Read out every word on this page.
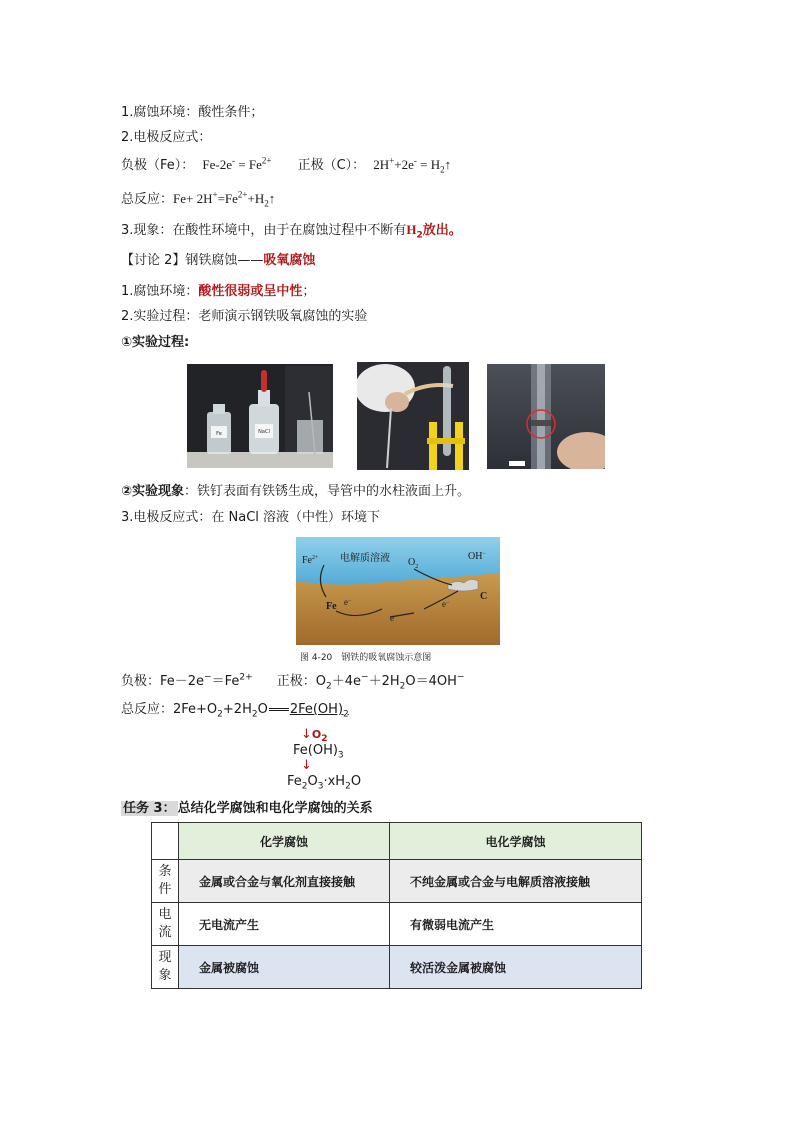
1.腐蚀环境：酸性条件；
2.电极反应式：
负极（Fe）： $Fe-2e^- = Fe^{2+}$ 正极（C）： $2H^++2e^- = H_2↑$
总反应：$Fe+ 2H^+=Fe^{2+}+H_2↑$
3.现象：在酸性环境中，由于在腐蚀过程中不断有$H_2$放出。
【讨论 2】钢铁腐蚀——吸氧腐蚀
1.腐蚀环境：酸性很弱或呈中性；
2.实验过程：老师演示钢铁吸氧腐蚀的实验
①实验过程:
Fe	NaCl
②实验现象：铁钉表面有铁锈生成，导管中的水柱液面上升。
3.电极反应式：在 NaCl 溶液（中性）环境下
$Fe^{2+}$ 电解质溶液 $O_2$
OH−
Fe e−
e−
e−
C
图 4-20　钢铁的吸氧腐蚀示意图
负极：$Fe-2e^-=Fe^{2+}$ 正极：$O_2+4e^-+2H_2O=4OH^-$
总反应：$2Fe+O_2+2H_2O$ $2Fe(OH)_2$
$↓O_2$
$Fe(OH)_3$
↓
$Fe_2O_3\cdot xH_2O$
任务 3： 总结化学腐蚀和电化学腐蚀的关系
	化学腐蚀	电化学腐蚀
条
件	金属或合金与氧化剂直接接触	不纯金属或合金与电解质溶液接触
电
流	无电流产生	有微弱电流产生
现
象	金属被腐蚀	较活泼金属被腐蚀
